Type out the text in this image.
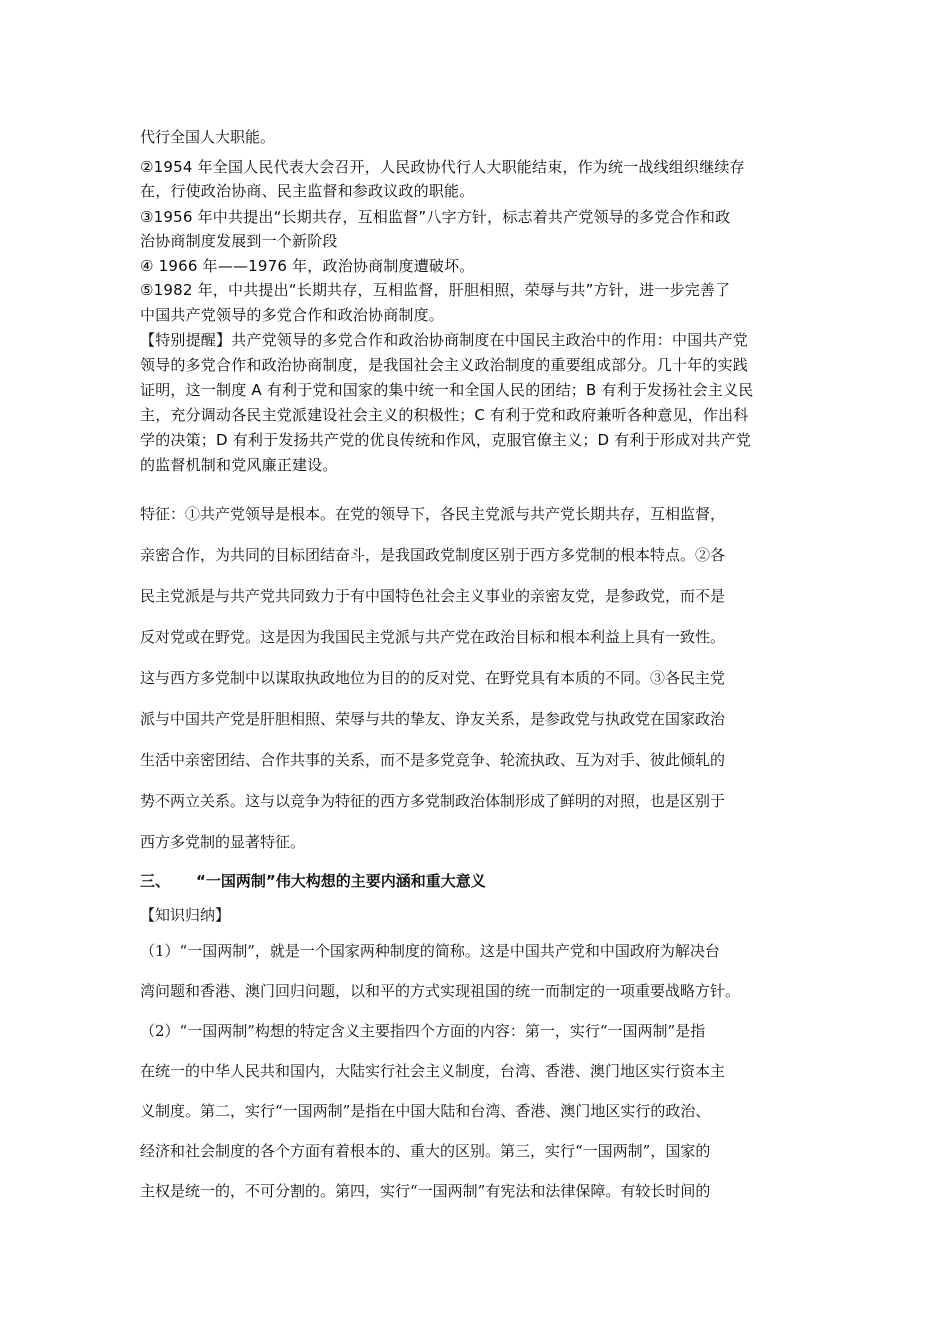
代行全国人大职能。
②1954 年全国人民代表大会召开，人民政协代行人大职能结束，作为统一战线组织继续存
在，行使政治协商、民主监督和参政议政的职能。
③1956 年中共提出“长期共存，互相监督”八字方针，标志着共产党领导的多党合作和政
治协商制度发展到一个新阶段
④ 1966 年——1976 年，政治协商制度遭破坏。
⑤1982 年，中共提出“长期共存，互相监督，肝胆相照，荣辱与共”方针，进一步完善了
中国共产党领导的多党合作和政治协商制度。
【特别提醒】共产党领导的多党合作和政治协商制度在中国民主政治中的作用：中国共产党
领导的多党合作和政治协商制度，是我国社会主义政治制度的重要组成部分。几十年的实践
证明，这一制度 A 有利于党和国家的集中统一和全国人民的团结；B 有利于发扬社会主义民
主，充分调动各民主党派建设社会主义的积极性；C 有利于党和政府兼听各种意见，作出科
学的决策；D 有利于发扬共产党的优良传统和作风，克服官僚主义；D 有利于形成对共产党
的监督机制和党风廉正建设。
特征：①共产党领导是根本。在党的领导下，各民主党派与共产党长期共存，互相监督，
亲密合作，为共同的目标团结奋斗，是我国政党制度区别于西方多党制的根本特点。②各
民主党派是与共产党共同致力于有中国特色社会主义事业的亲密友党，是参政党，而不是
反对党或在野党。这是因为我国民主党派与共产党在政治目标和根本利益上具有一致性。
这与西方多党制中以谋取执政地位为目的的反对党、在野党具有本质的不同。③各民主党
派与中国共产党是肝胆相照、荣辱与共的挚友、诤友关系，是参政党与执政党在国家政治
生活中亲密团结、合作共事的关系，而不是多党竞争、轮流执政、互为对手、彼此倾轧的
势不两立关系。这与以竞争为特征的西方多党制政治体制形成了鲜明的对照，也是区别于
西方多党制的显著特征。
三、 “一国两制”伟大构想的主要内涵和重大意义
【知识归纳】
（1）“一国两制”，就是一个国家两种制度的简称。这是中国共产党和中国政府为解决台
湾问题和香港、澳门回归问题，以和平的方式实现祖国的统一而制定的一项重要战略方针。
（2）“一国两制”构想的特定含义主要指四个方面的内容：第一，实行“一国两制”是指
在统一的中华人民共和国内，大陆实行社会主义制度，台湾、香港、澳门地区实行资本主
义制度。第二，实行“一国两制”是指在中国大陆和台湾、香港、澳门地区实行的政治、
经济和社会制度的各个方面有着根本的、重大的区别。第三，实行“一国两制”，国家的
主权是统一的，不可分割的。第四，实行“一国两制”有宪法和法律保障。有较长时间的
